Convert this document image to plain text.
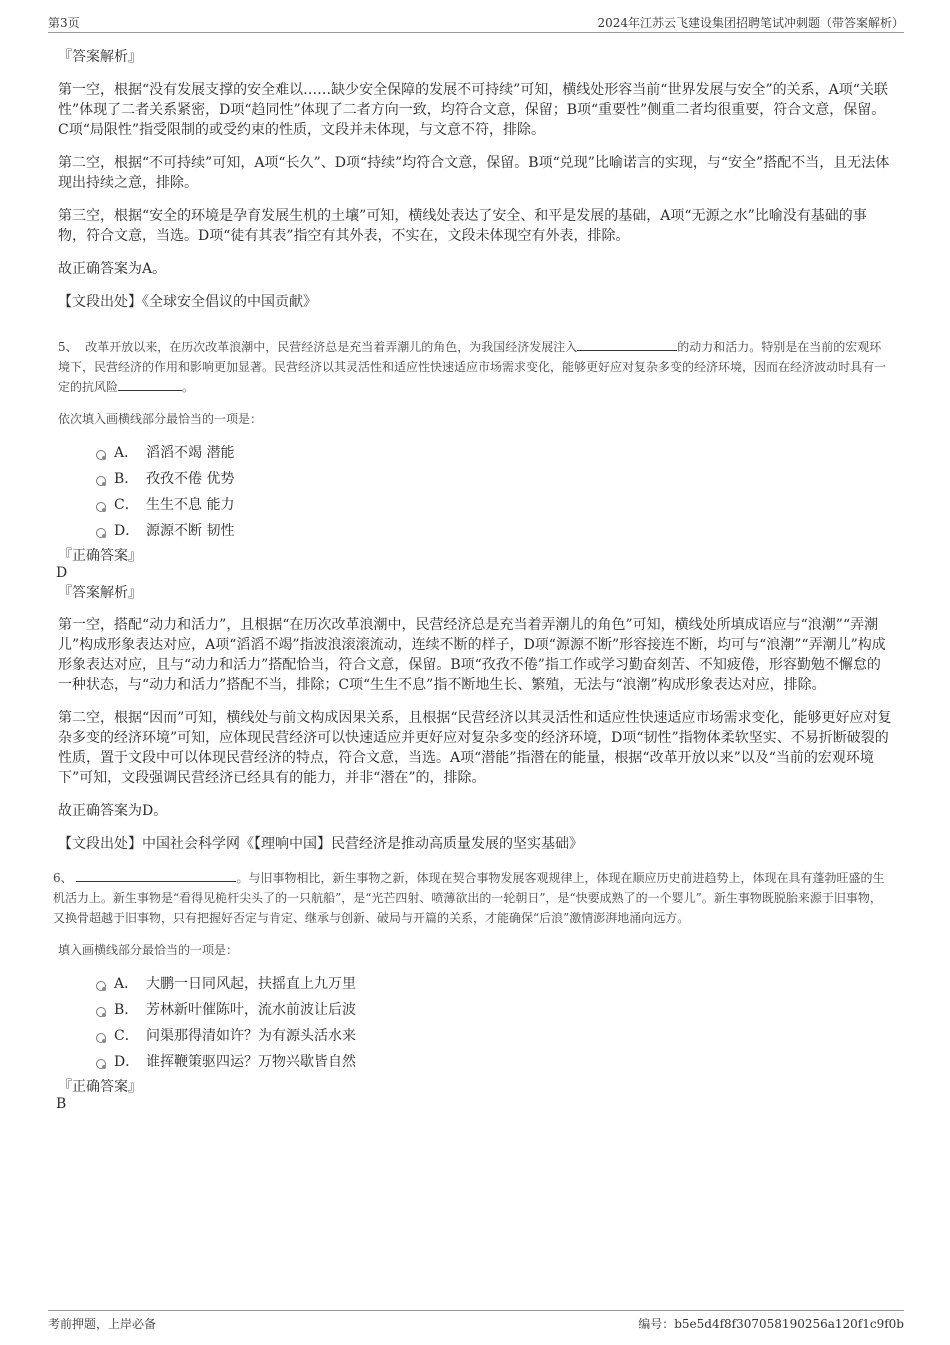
第3页	2024年江苏云飞建设集团招聘笔试冲刺题（带答案解析）

『答案解析』

第一空，根据“没有发展支撑的安全难以……缺少安全保障的发展不可持续”可知，横线处形容当前“世界发展与安全”的关系，A项“关联性”体现了二者关系紧密，D项“趋同性”体现了二者方向一致，均符合文意，保留；B项“重要性”侧重二者均很重要，符合文意，保留。C项“局限性”指受限制的或受约束的性质，文段并未体现，与文意不符，排除。

第二空，根据“不可持续”可知，A项“长久”、D项“持续”均符合文意，保留。B项“兑现”比喻诺言的实现，与“安全”搭配不当，且无法体现出持续之意，排除。

第三空，根据“安全的环境是孕育发展生机的土壤”可知，横线处表达了安全、和平是发展的基础，A项“无源之水”比喻没有基础的事物，符合文意，当选。D项“徒有其表”指空有其外表，不实在，文段未体现空有外表，排除。

故正确答案为A。

【文段出处】《全球安全倡议的中国贡献》

5、 改革开放以来，在历次改革浪潮中，民营经济总是充当着弄潮儿的角色，为我国经济发展注入	的动力和活力。特别是在当前的宏观环境下，民营经济的作用和影响更加显著。民营经济以其灵活性和适应性快速适应市场需求变化，能够更好应对复杂多变的经济环境，因而在经济波动时具有一定的抗风险	。

依次填入画横线部分最恰当的一项是：

A． 滔滔不竭 潜能
B． 孜孜不倦 优势
C． 生生不息 能力
D． 源源不断 韧性

『正确答案』

D

『答案解析』

第一空，搭配“动力和活力”，且根据“在历次改革浪潮中，民营经济总是充当着弄潮儿的角色”可知，横线处所填成语应与“浪潮”“弄潮儿”构成形象表达对应，A项“滔滔不竭”指波浪滚滚流动，连续不断的样子，D项“源源不断”形容接连不断，均可与“浪潮”“弄潮儿”构成形象表达对应，且与“动力和活力”搭配恰当，符合文意，保留。B项“孜孜不倦”指工作或学习勤奋刻苦、不知疲倦，形容勤勉不懈怠的一种状态，与“动力和活力”搭配不当，排除；C项“生生不息”指不断地生长、繁殖，无法与“浪潮”构成形象表达对应，排除。

第二空，根据“因而”可知，横线处与前文构成因果关系，且根据“民营经济以其灵活性和适应性快速适应市场需求变化，能够更好应对复杂多变的经济环境”可知，应体现民营经济可以快速适应并更好应对复杂多变的经济环境，D项“韧性”指物体柔软坚实、不易折断破裂的性质，置于文段中可以体现民营经济的特点，符合文意，当选。A项“潜能”指潜在的能量，根据“改革开放以来”以及“当前的宏观环境下”可知，文段强调民营经济已经具有的能力，并非“潜在”的，排除。

故正确答案为D。

【文段出处】中国社会科学网《【理响中国】民营经济是推动高质量发展的坚实基础》

6、	。与旧事物相比，新生事物之新，体现在契合事物发展客观规律上，体现在顺应历史前进趋势上，体现在具有蓬勃旺盛的生机活力上。新生事物是“看得见桅杆尖头了的一只航船”，是“光芒四射、喷薄欲出的一轮朝日”，是“快要成熟了的一个婴儿”。新生事物既脱胎来源于旧事物，又换骨超越于旧事物，只有把握好否定与肯定、继承与创新、破局与开篇的关系，才能确保“后浪”激情澎湃地涌向远方。

填入画横线部分最恰当的一项是：

A． 大鹏一日同风起，扶摇直上九万里
B． 芳林新叶催陈叶，流水前波让后波
C． 问渠那得清如许？为有源头活水来
D． 谁挥鞭策驱四运？万物兴歇皆自然

『正确答案』

B

考前押题，上岸必备	编号：b5e5d4f8f307058190256a120f1c9f0b
